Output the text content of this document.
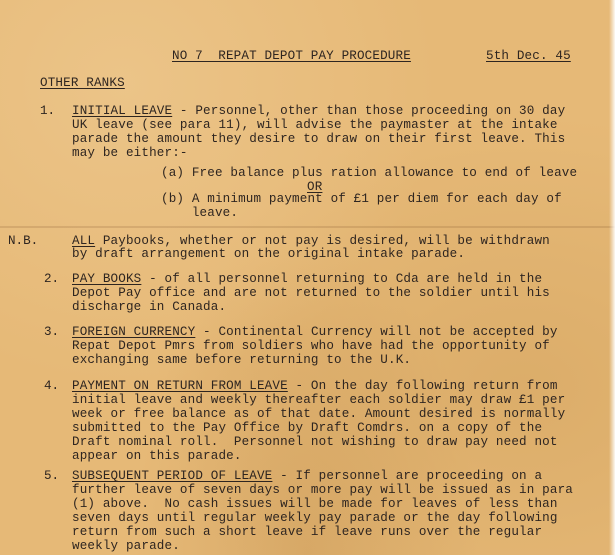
NO 7  REPAT DEPOT PAY PROCEDURE	5th Dec. 45
OTHER RANKS
1. INITIAL LEAVE - Personnel, other than those proceeding on 30 day
UK leave (see para 11), will advise the paymaster at the intake
parade the amount they desire to draw on their first leave. This
may be either:-
(a) Free balance plus ration allowance to end of leave
OR
(b) A minimum payment of £1 per diem for each day of
leave.
N.B.	ALL Paybooks, whether or not pay is desired, will be withdrawn
by draft arrangement on the original intake parade.
2. PAY BOOKS - of all personnel returning to Cda are held in the
Depot Pay office and are not returned to the soldier until his
discharge in Canada.
3. FOREIGN CURRENCY - Continental Currency will not be accepted by
Repat Depot Pmrs from soldiers who have had the opportunity of
exchanging same before returning to the U.K.
4. PAYMENT ON RETURN FROM LEAVE - On the day following return from
initial leave and weekly thereafter each soldier may draw £1 per
week or free balance as of that date. Amount desired is normally
submitted to the Pay Office by Draft Comdrs. on a copy of the
Draft nominal roll.  Personnel not wishing to draw pay need not
appear on this parade.
5. SUBSEQUENT PERIOD OF LEAVE - If personnel are proceeding on a
further leave of seven days or more pay will be issued as in para
(1) above.  No cash issues will be made for leaves of less than
seven days until regular weekly pay parade or the day following
return from such a short leave if leave runs over the regular
weekly parade.
